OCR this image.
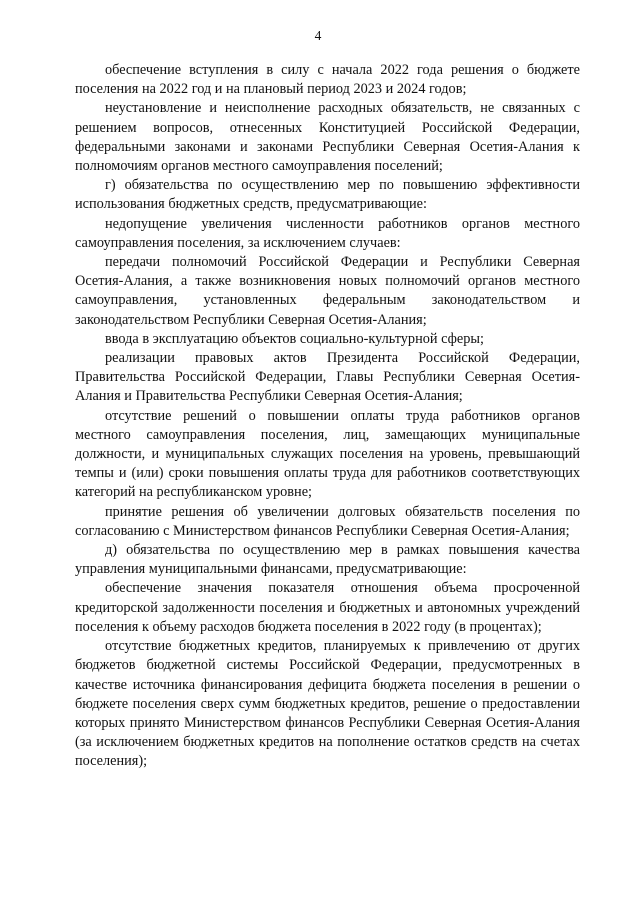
4

обеспечение вступления в силу с начала 2022 года решения о бюджете поселения на 2022 год и на плановый период 2023 и 2024 годов;

неустановление и неисполнение расходных обязательств, не связанных с решением вопросов, отнесенных Конституцией Российской Федерации, федеральными законами и законами Республики Северная Осетия-Алания к полномочиям органов местного самоуправления поселений;

г) обязательства по осуществлению мер по повышению эффективности использования бюджетных средств, предусматривающие:

недопущение увеличения численности работников органов местного самоуправления поселения, за исключением случаев:

передачи полномочий Российской Федерации и Республики Северная Осетия-Алания, а также возникновения новых полномочий органов местного самоуправления, установленных федеральным законодательством и законодательством Республики Северная Осетия-Алания;

ввода в эксплуатацию объектов социально-культурной сферы;

реализации правовых актов Президента Российской Федерации, Правительства Российской Федерации, Главы Республики Северная Осетия-Алания и Правительства Республики Северная Осетия-Алания;

отсутствие решений о повышении оплаты труда работников органов местного самоуправления поселения, лиц, замещающих муниципальные должности, и муниципальных служащих поселения на уровень, превышающий темпы и (или) сроки повышения оплаты труда для работников соответствующих категорий на республиканском уровне;

принятие решения об увеличении долговых обязательств поселения по согласованию с Министерством финансов Республики Северная Осетия-Алания;

д) обязательства по осуществлению мер в рамках повышения качества управления муниципальными финансами, предусматривающие:

обеспечение значения показателя отношения объема просроченной кредиторской задолженности поселения и бюджетных и автономных учреждений поселения к объему расходов бюджета поселения в 2022 году (в процентах);

отсутствие бюджетных кредитов, планируемых к привлечению от других бюджетов бюджетной системы Российской Федерации, предусмотренных в качестве источника финансирования дефицита бюджета поселения в решении о бюджете поселения сверх сумм бюджетных кредитов, решение о предоставлении которых принято Министерством финансов Республики Северная Осетия-Алания (за исключением бюджетных кредитов на пополнение остатков средств на счетах поселения);
